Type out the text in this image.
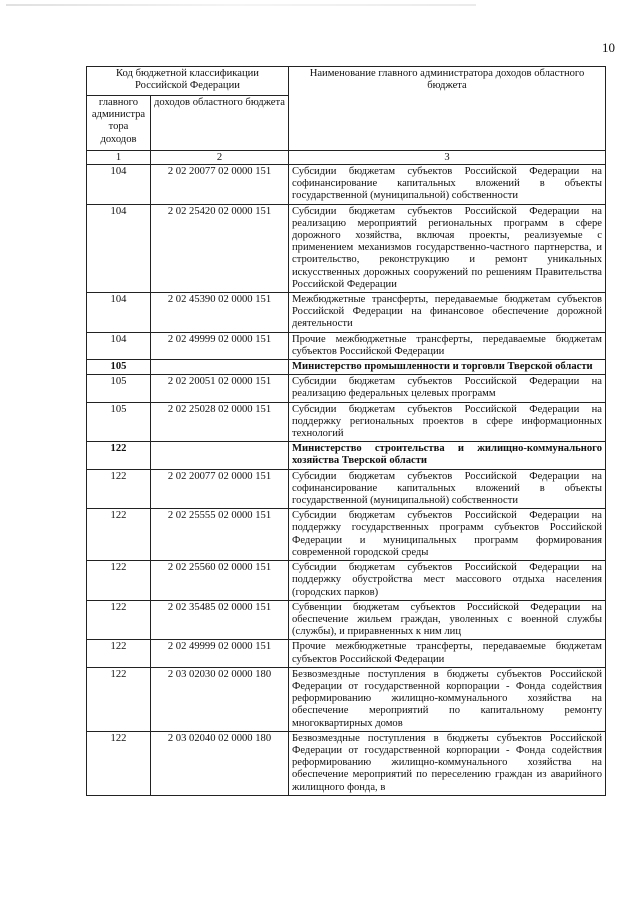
10
Код бюджетной классификации Российской Федерации		Наименование главного администратора доходов областного бюджета
главного администра тора доходов	доходов областного бюджета	
1	2	3
104	2 02 20077 02 0000 151	Субсидии бюджетам субъектов Российской Федерации на софинансирование капитальных вложений в объекты государственной (муниципальной) собственности
104	2 02 25420 02 0000 151	Субсидии бюджетам субъектов Российской Федерации на реализацию мероприятий региональных программ в сфере дорожного хозяйства, включая проекты, реализуемые с применением механизмов государственно-частного партнерства, и строительство, реконструкцию и ремонт уникальных искусственных дорожных сооружений по решениям Правительства Российской Федерации
104	2 02 45390 02 0000 151	Межбюджетные трансферты, передаваемые бюджетам субъектов Российской Федерации на финансовое обеспечение дорожной деятельности
104	2 02 49999 02 0000 151	Прочие межбюджетные трансферты, передаваемые бюджетам субъектов Российской Федерации
105		Министерство промышленности и торговли Тверской области
105	2 02 20051 02 0000 151	Субсидии бюджетам субъектов Российской Федерации на реализацию федеральных целевых программ
105	2 02 25028 02 0000 151	Субсидии бюджетам субъектов Российской Федерации на поддержку региональных проектов в сфере информационных технологий
122		Министерство строительства и жилищно-коммунального хозяйства Тверской области
122	2 02 20077 02 0000 151	Субсидии бюджетам субъектов Российской Федерации на софинансирование капитальных вложений в объекты государственной (муниципальной) собственности
122	2 02 25555 02 0000 151	Субсидии бюджетам субъектов Российской Федерации на поддержку государственных программ субъектов Российской Федерации и муниципальных программ формирования современной городской среды
122	2 02 25560 02 0000 151	Субсидии бюджетам субъектов Российской Федерации на поддержку обустройства мест массового отдыха населения (городских парков)
122	2 02 35485 02 0000 151	Субвенции бюджетам субъектов Российской Федерации на обеспечение жильем граждан, уволенных с военной службы (службы), и приравненных к ним лиц
122	2 02 49999 02 0000 151	Прочие межбюджетные трансферты, передаваемые бюджетам субъектов Российской Федерации
122	2 03 02030 02 0000 180	Безвозмездные поступления в бюджеты субъектов Российской Федерации от государственной корпорации - Фонда содействия реформированию жилищно-коммунального хозяйства на обеспечение мероприятий по капитальному ремонту многоквартирных домов
122	2 03 02040 02 0000 180	Безвозмездные поступления в бюджеты субъектов Российской Федерации от государственной корпорации - Фонда содействия реформированию жилищно-коммунального хозяйства на обеспечение мероприятий по переселению граждан из аварийного жилищного фонда, в
